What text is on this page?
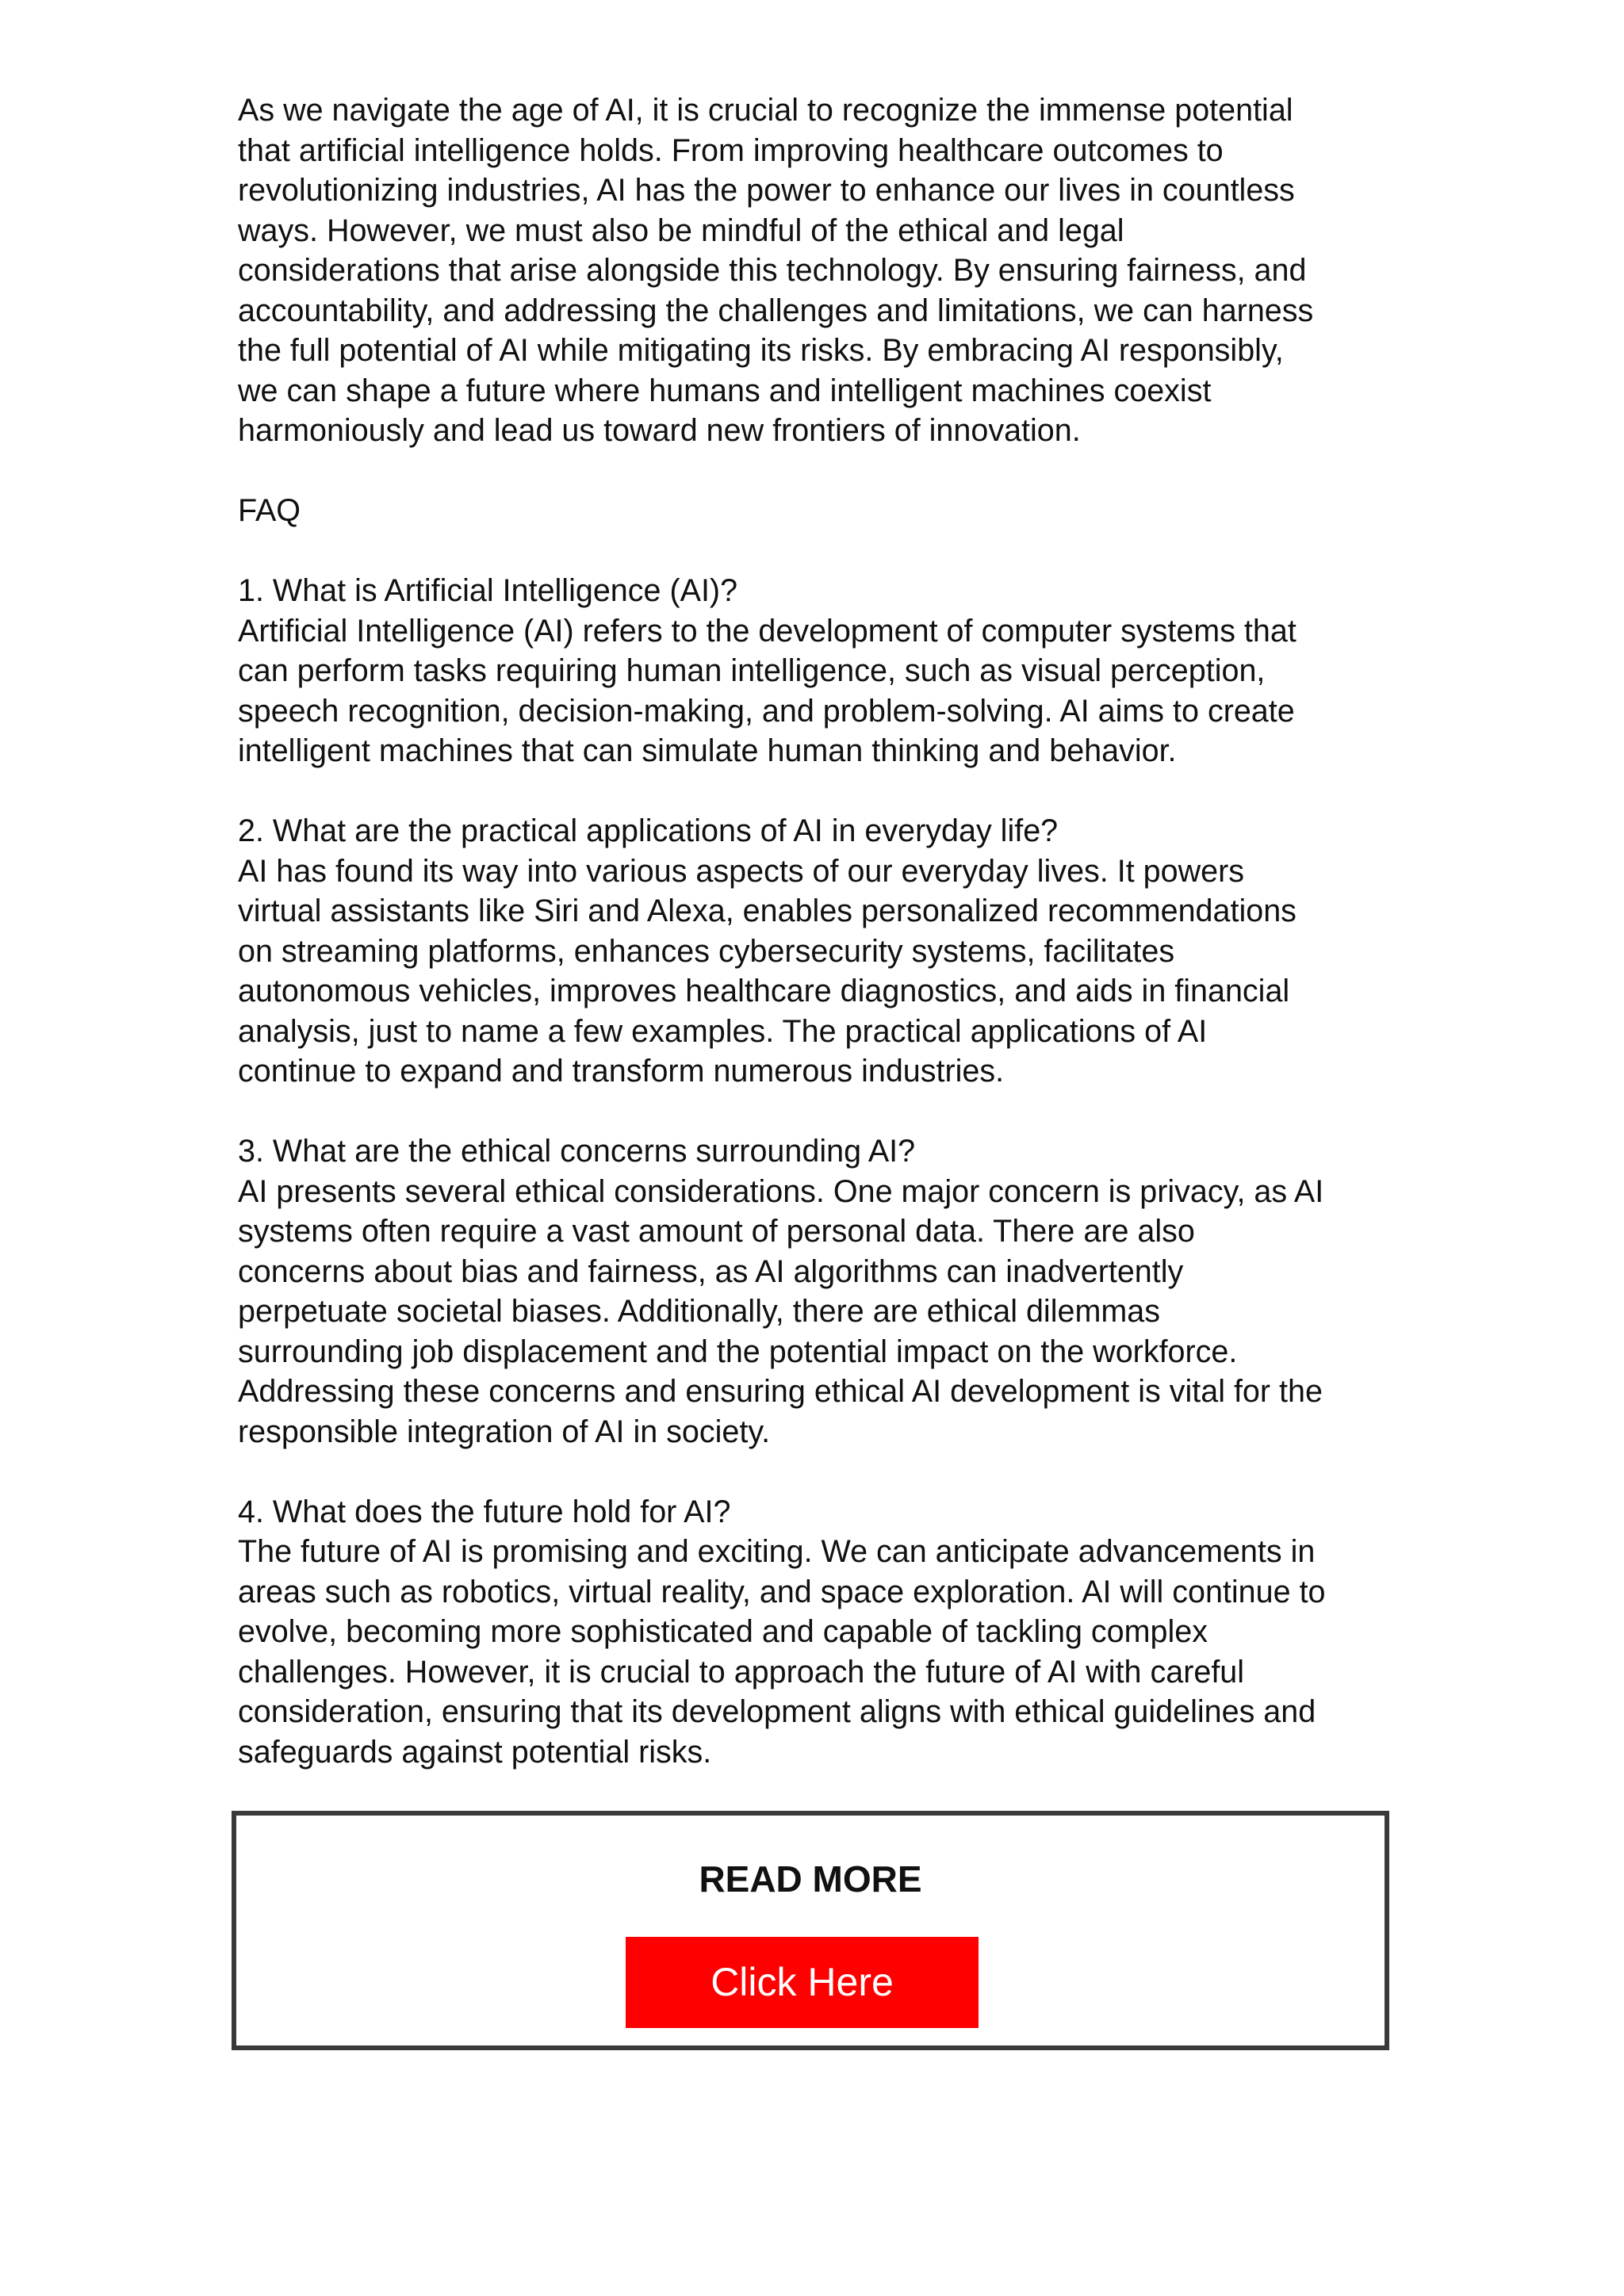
As we navigate the age of AI, it is crucial to recognize the immense potential
that artificial intelligence holds. From improving healthcare outcomes to
revolutionizing industries, AI has the power to enhance our lives in countless
ways. However, we must also be mindful of the ethical and legal
considerations that arise alongside this technology. By ensuring fairness, and
accountability, and addressing the challenges and limitations, we can harness
the full potential of AI while mitigating its risks. By embracing AI responsibly,
we can shape a future where humans and intelligent machines coexist
harmoniously and lead us toward new frontiers of innovation.
FAQ
1. What is Artificial Intelligence (AI)?
Artificial Intelligence (AI) refers to the development of computer systems that
can perform tasks requiring human intelligence, such as visual perception,
speech recognition, decision-making, and problem-solving. AI aims to create
intelligent machines that can simulate human thinking and behavior.
2. What are the practical applications of AI in everyday life?
AI has found its way into various aspects of our everyday lives. It powers
virtual assistants like Siri and Alexa, enables personalized recommendations
on streaming platforms, enhances cybersecurity systems, facilitates
autonomous vehicles, improves healthcare diagnostics, and aids in financial
analysis, just to name a few examples. The practical applications of AI
continue to expand and transform numerous industries.
3. What are the ethical concerns surrounding AI?
AI presents several ethical considerations. One major concern is privacy, as AI
systems often require a vast amount of personal data. There are also
concerns about bias and fairness, as AI algorithms can inadvertently
perpetuate societal biases. Additionally, there are ethical dilemmas
surrounding job displacement and the potential impact on the workforce.
Addressing these concerns and ensuring ethical AI development is vital for the
responsible integration of AI in society.
4. What does the future hold for AI?
The future of AI is promising and exciting. We can anticipate advancements in
areas such as robotics, virtual reality, and space exploration. AI will continue to
evolve, becoming more sophisticated and capable of tackling complex
challenges. However, it is crucial to approach the future of AI with careful
consideration, ensuring that its development aligns with ethical guidelines and
safeguards against potential risks.
READ MORE
Click Here
